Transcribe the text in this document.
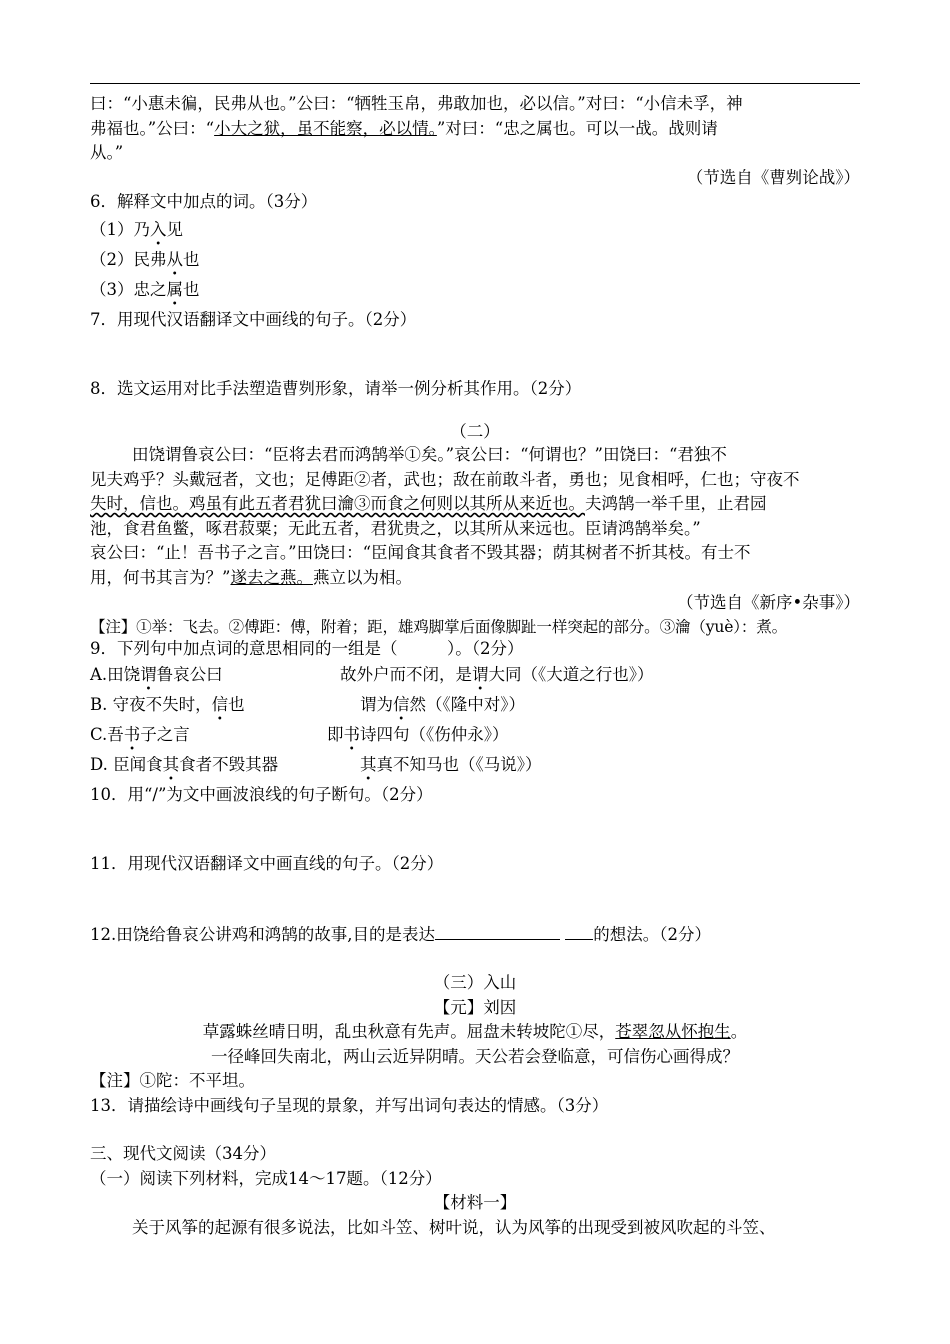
曰：“小惠未徧，民弗从也。”公曰：“牺牲玉帛，弗敢加也，必以信。”对曰：“小信未孚，神
弗福也。”公曰：“小大之狱，虽不能察，必以情。”对曰：“忠之属也。可以一战。战则请
从。”
（节选自《曹刿论战》）
6．解释文中加点的词。（3分）
（1）乃入见
（2）民弗从也
（3）忠之属也
7．用现代汉语翻译文中画线的句子。（2分）
8．选文运用对比手法塑造曹刿形象，请举一例分析其作用。（2分）
（二）
田饶谓鲁哀公曰：“臣将去君而鸿鹄举①矣。”哀公曰：“何谓也？”田饶曰：“君独不
见夫鸡乎？头戴冠者，文也；足傅距②者，武也；敌在前敢斗者，勇也；见食相呼，仁也；守夜不
失时，信也。鸡虽有此五者君犹曰瀹③而食之何则以其所从来近也。夫鸿鹄一举千里，止君园
池，食君鱼鳖，啄君菽粟；无此五者，君犹贵之，以其所从来远也。臣请鸿鹄举矣。”
哀公曰：“止！吾书子之言。”田饶曰：“臣闻食其食者不毁其器；荫其树者不折其枝。有士不
用，何书其言为？”遂去之燕。燕立以为相。
（节选自《新序•杂事》）
【注】①举：飞去。②傅距：傅，附着；距，雄鸡脚掌后面像脚趾一样突起的部分。③瀹（yuè）：煮。
9．下列句中加点词的意思相同的一组是（　　　）。（2分）
A.田饶谓鲁哀公曰	故外户而不闭，是谓大同（《大道之行也》）
B. 守夜不失时，信也	谓为信然（《隆中对》）
C.吾书子之言	即书诗四句（《伤仲永》）
D. 臣闻食其食者不毁其器	其真不知马也（《马说》）
10．用“/”为文中画波浪线的句子断句。（2分）
11．用现代汉语翻译文中画直线的句子。（2分）
12.田饶给鲁哀公讲鸡和鸿鹄的故事,目的是表达	的想法。（2分）
（三）入山
【元】刘因
草露蛛丝晴日明，乱虫秋意有先声。屈盘未转坡陀①尽，苍翠忽从怀抱生。
一径峰回失南北，两山云近异阴晴。天公若会登临意，可信伤心画得成？
【注】①陀：不平坦。
13．请描绘诗中画线句子呈现的景象，并写出词句表达的情感。（3分）
三、现代文阅读（34分）
（一）阅读下列材料，完成14～17题。（12分）
【材料一】
关于风筝的起源有很多说法，比如斗笠、树叶说，认为风筝的出现受到被风吹起的斗笠、
